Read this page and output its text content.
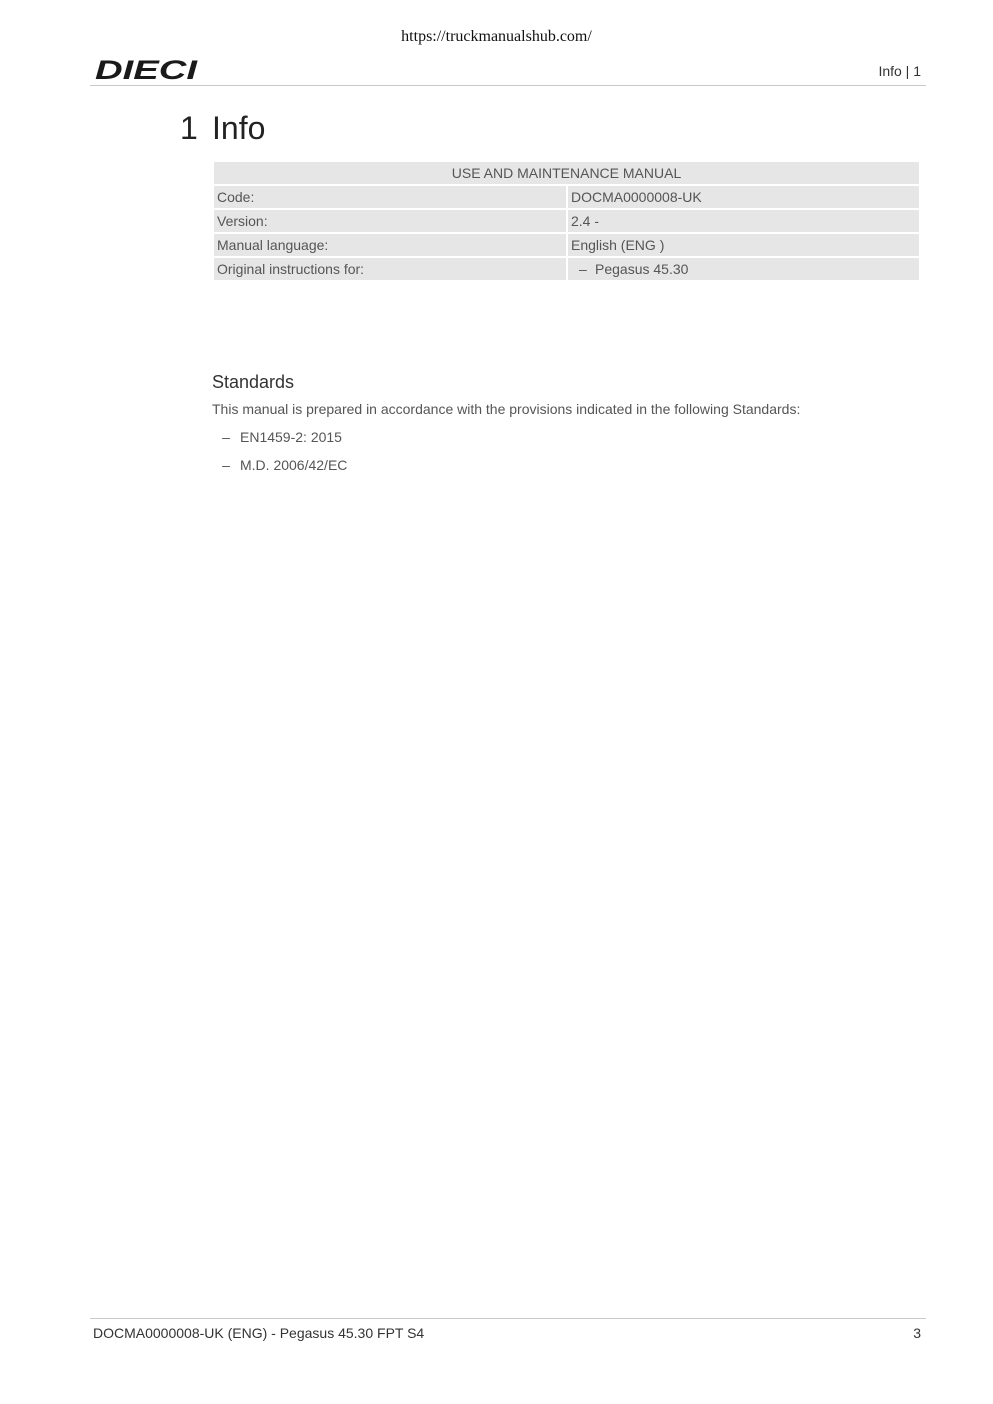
https://truckmanualshub.com/
DIECI	Info | 1
1 Info
USE AND MAINTENANCE MANUAL	
Code:	DOCMA0000008-UK
Version:	2.4 -
Manual language:	English (ENG )
Original instructions for:	– Pegasus 45.30
Standards
This manual is prepared in accordance with the provisions indicated in the following Standards:
– EN1459-2: 2015
– M.D. 2006/42/EC
DOCMA0000008-UK (ENG) - Pegasus 45.30 FPT S4	3
